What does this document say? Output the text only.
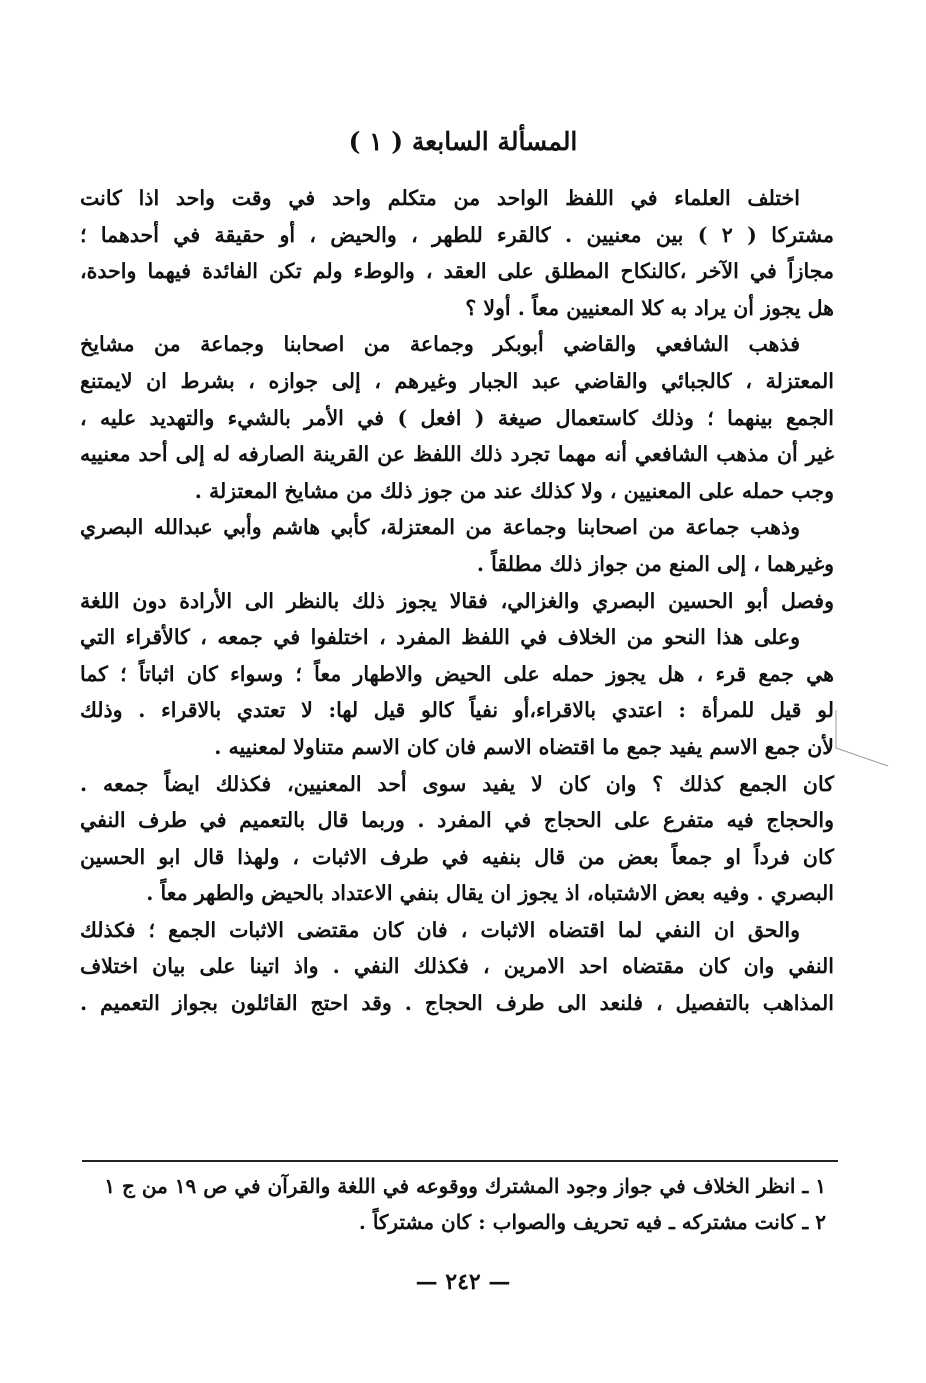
المسألة السابعة ( ١ )
اختلف العلماء في اللفظ الواحد من متكلم واحد في وقت واحد اذا كانت
مشتركا ( ٢ ) بين معنيين . كالقرء للطهر ، والحيض ، أو حقيقة في أحدهما ؛
مجازاً في الآخر ،كالنكاح المطلق على العقد ، والوطء ولم تكن الفائدة فيهما واحدة،
هل يجوز أن يراد به كلا المعنيين معاً . أولا ؟
فذهب الشافعي والقاضي أبوبكر وجماعة من اصحابنا وجماعة من مشايخ
المعتزلة ، كالجبائي والقاضي عبد الجبار وغيرهم ، إلى جوازه ، بشرط ان لايمتنع
الجمع بينهما ؛ وذلك كاستعمال صيغة ( افعل ) في الأمر بالشيء والتهديد عليه ،
غير أن مذهب الشافعي أنه مهما تجرد ذلك اللفظ عن القرينة الصارفه له إلى أحد معنييه
وجب حمله على المعنيين ، ولا كذلك عند من جوز ذلك من مشايخ المعتزلة .
وذهب جماعة من اصحابنا وجماعة من المعتزلة، كأبي هاشم وأبي عبدالله البصري
وغيرهما ، إلى المنع من جواز ذلك مطلقاً .
وفصل أبو الحسين البصري والغزالي، فقالا يجوز ذلك بالنظر الى الأرادة دون اللغة
وعلى هذا النحو من الخلاف في اللفظ المفرد ، اختلفوا في جمعه ، كالأقراء التي
هي جمع قرء ، هل يجوز حمله على الحيض والاطهار معاً ؛ وسواء كان اثباتاً ؛ كما
لو قيل للمرأة : اعتدي بالاقراء،أو نفياً كالو قيل لها: لا تعتدي بالاقراء . وذلك
لأن جمع الاسم يفيد جمع ما اقتضاه الاسم فان كان الاسم متناولا لمعنييه .
كان الجمع كذلك ؟ وان كان لا يفيد سوى أحد المعنيين، فكذلك ايضاً جمعه .
والحجاج فيه متفرع على الحجاج في المفرد . وربما قال بالتعميم في طرف النفي
كان فرداً او جمعاً بعض من قال بنفيه في طرف الاثبات ، ولهذا قال ابو الحسين
البصري . وفيه بعض الاشتباه، اذ يجوز ان يقال بنفي الاعتداد بالحيض والطهر معاً .
والحق ان النفي لما اقتضاه الاثبات ، فان كان مقتضى الاثبات الجمع ؛ فكذلك
النفي وان كان مقتضاه احد الامرين ، فكذلك النفي . واذ اتينا على بيان اختلاف
المذاهب بالتفصيل ، فلنعد الى طرف الحجاج . وقد احتج القائلون بجواز التعميم .
١ ـ انظر الخلاف في جواز وجود المشترك ووقوعه في اللغة والقرآن في ص ١٩ من ج ١
٢ ـ كانت مشتركه ـ فيه تحريف والصواب : كان مشتركاً .
— ٢٤٢ —
